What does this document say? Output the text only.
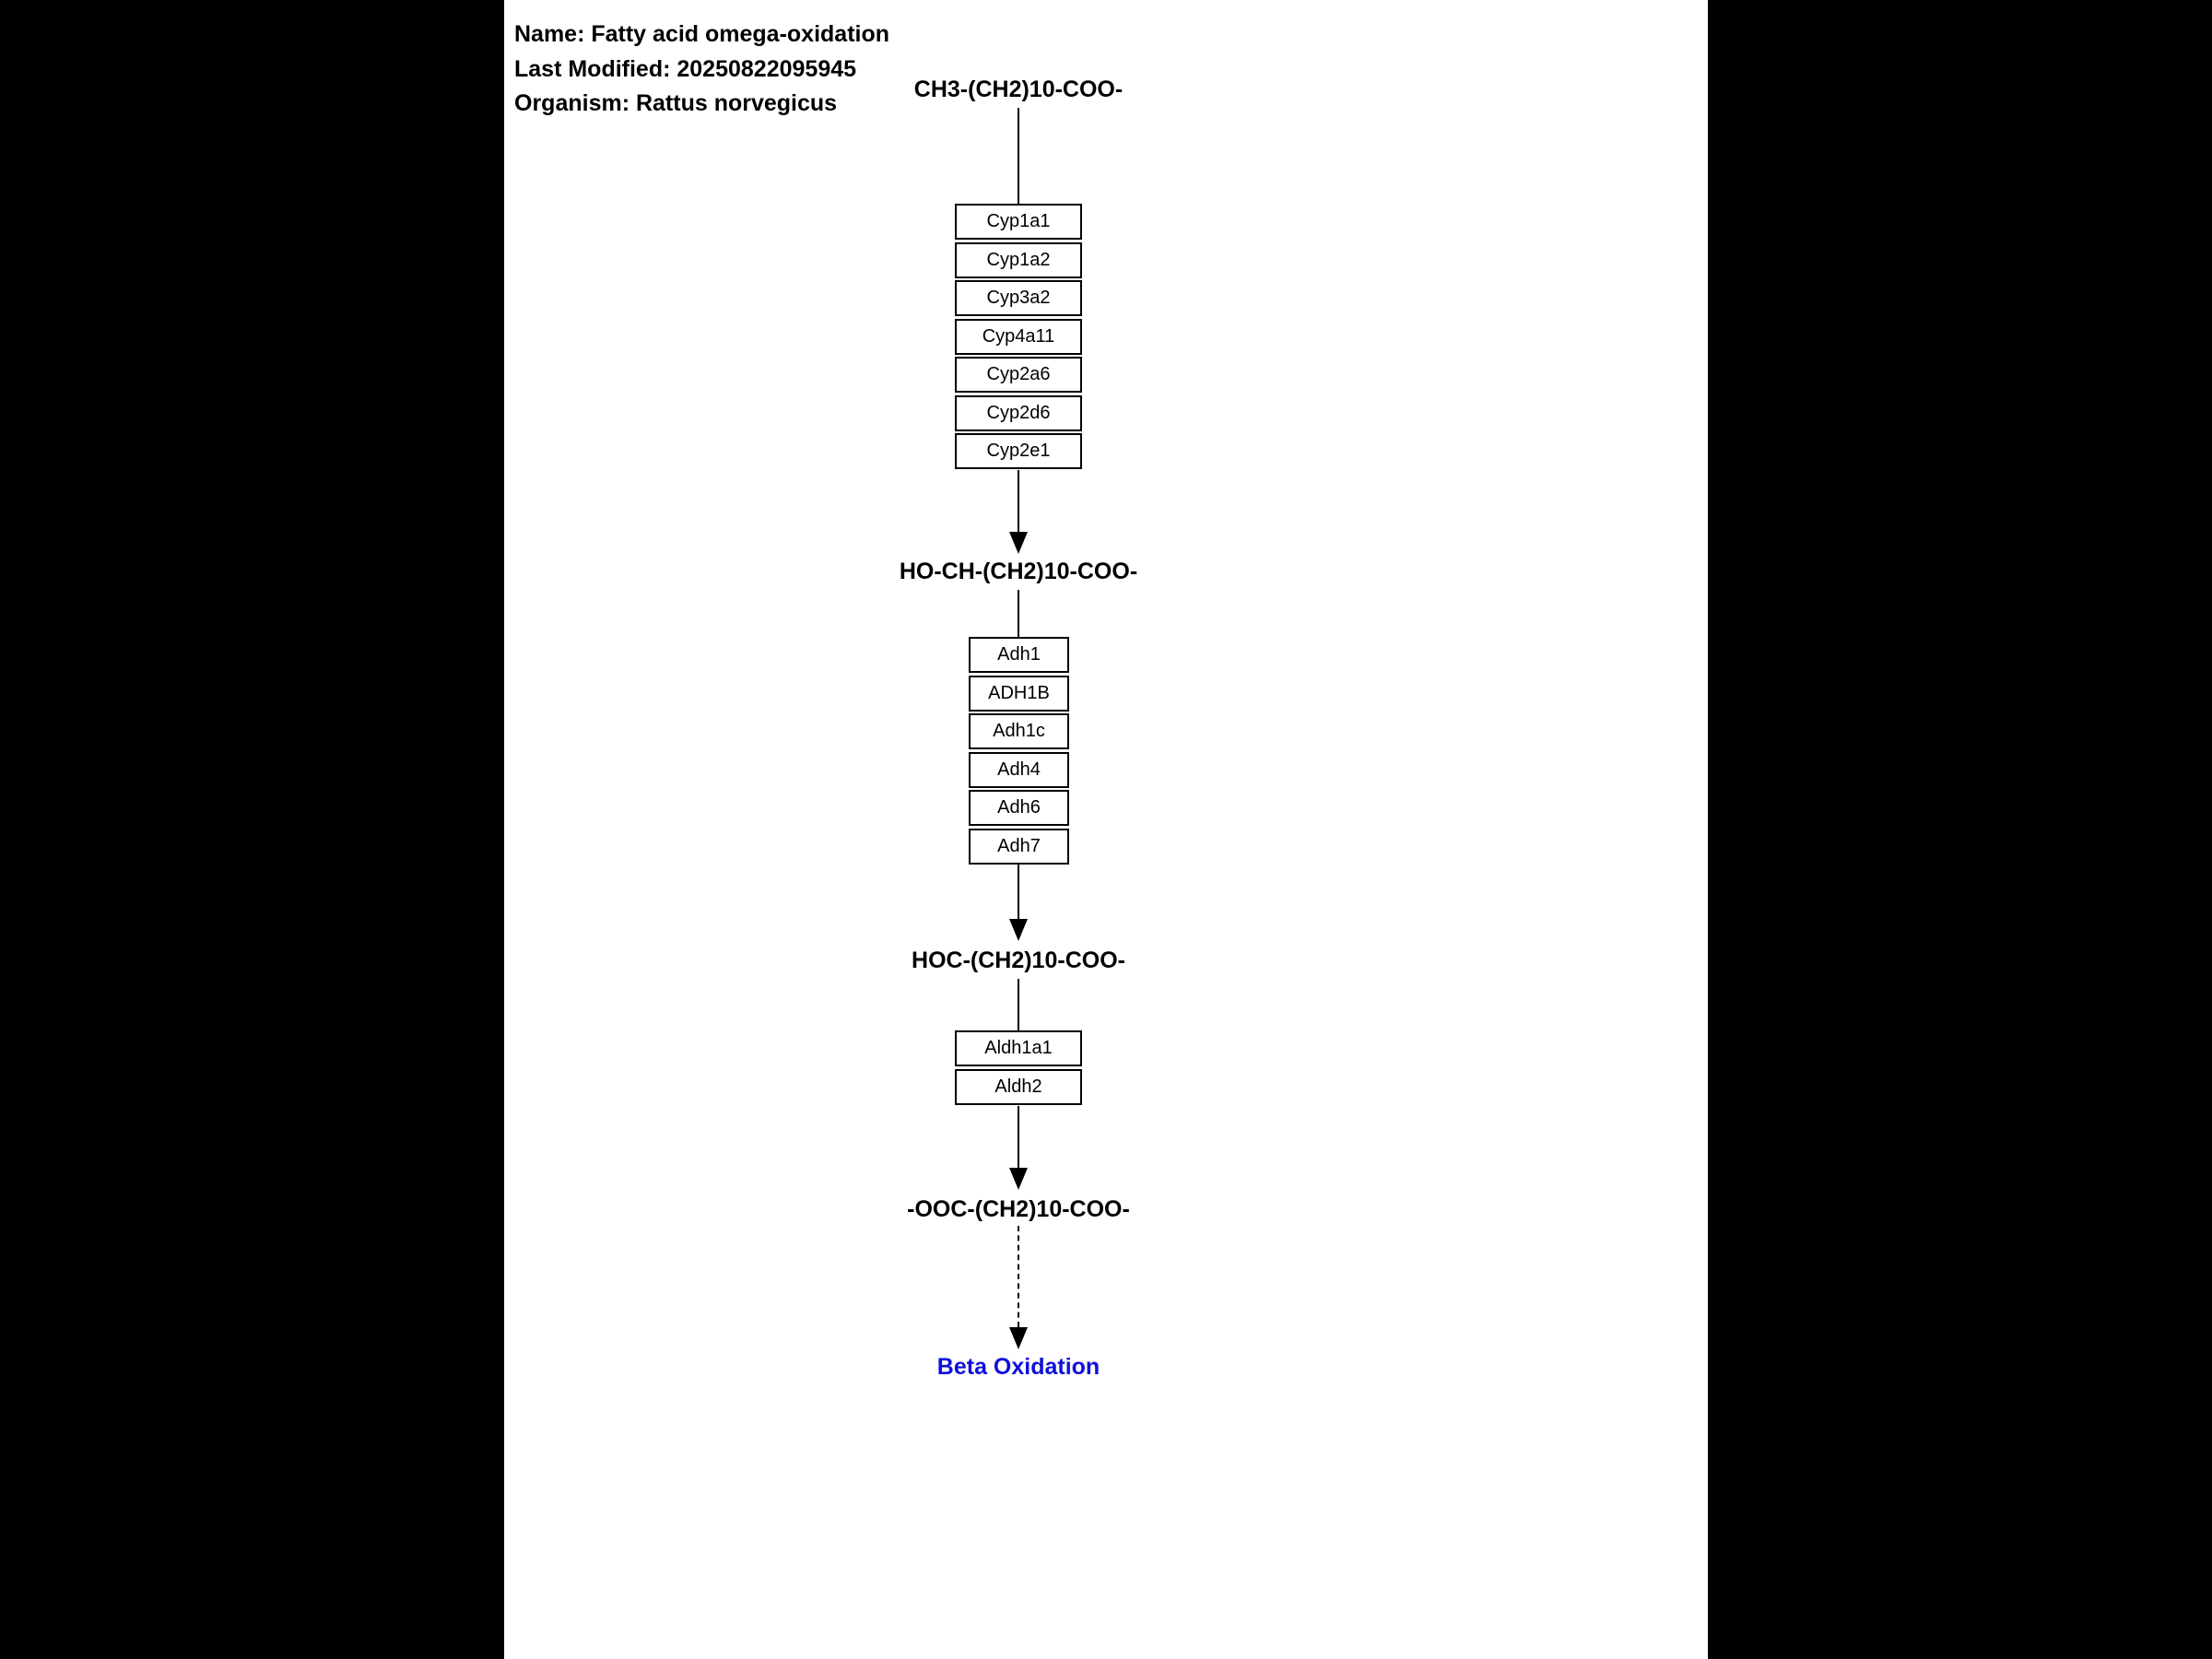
Name: Fatty acid omega-oxidation
Last Modified: 20250822095945
Organism: Rattus norvegicus
CH3-(CH2)10-COO-
Cyp1a1
Cyp1a2
Cyp3a2
Cyp4a11
Cyp2a6
Cyp2d6
Cyp2e1
HO-CH-(CH2)10-COO-
Adh1
ADH1B
Adh1c
Adh4
Adh6
Adh7
HOC-(CH2)10-COO-
Aldh1a1
Aldh2
-OOC-(CH2)10-COO-
Beta Oxidation
